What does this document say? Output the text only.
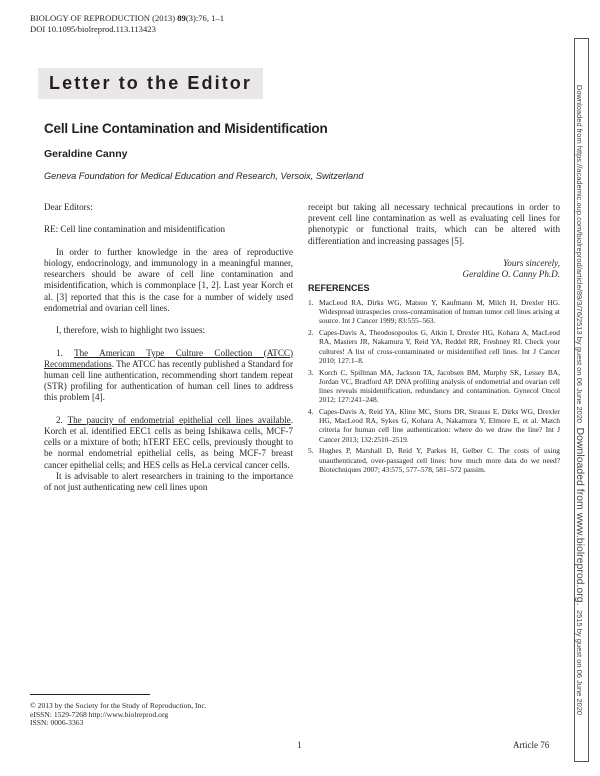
BIOLOGY OF REPRODUCTION (2013) 89(3):76, 1–1
DOI 10.1095/biolreprod.113.113423
Letter to the Editor
Cell Line Contamination and Misidentification
Geraldine Canny
Geneva Foundation for Medical Education and Research, Versoix, Switzerland

Dear Editors:

RE: Cell line contamination and misidentification

In order to further knowledge in the area of reproductive biology, endocrinology, and immunology in a meaningful manner, researchers should be aware of cell line contamination and misidentification, which is commonplace [1, 2]. Last year Korch et al. [3] reported that this is the case for a number of widely used endometrial and ovarian cell lines.

I, therefore, wish to highlight two issues:

1. The American Type Culture Collection (ATCC) Recommendations. The ATCC has recently published a Standard for human cell line authentication, recommending short tandem repeat (STR) profiling for authentication of human cell lines to address this problem [4].

2. The paucity of endometrial epithelial cell lines available. Korch et al. identified EEC1 cells as being Ishikawa cells, MCF-7 cells or a mixture of both; hTERT EEC cells, previously thought to be normal endometrial epithelial cells, as being MCF-7 breast cancer epithelial cells; and HES cells as HeLa cervical cancer cells.

It is advisable to alert researchers in training to the importance of not just authenticating new cell lines upon

receipt but taking all necessary technical precautions in order to prevent cell line contamination as well as evaluating cell lines for phenotypic or functional traits, which can be altered with differentiation and increasing passages [5].

Yours sincerely,

Geraldine O. Canny Ph.D.

REFERENCES
1. MacLeod RA, Dirks WG, Matsuo Y, Kaufmann M, Milch H, Drexler HG. Widespread intraspecies cross-contamination of human tumor cell lines arising at source. Int J Cancer 1999; 83:555–563.
2. Capes-Davis A, Theodosopoulos G, Atkin I, Drexler HG, Kohara A, MacLeod RA, Masters JR, Nakamura Y, Reid YA, Reddel RR, Freshney RI. Check your cultures! A list of cross-contaminated or misidentified cell lines. Int J Cancer 2010; 127:1–8.
3. Korch C, Spillman MA, Jackson TA, Jacobsen BM, Murphy SK, Lessey BA, Jordan VC, Bradford AP. DNA profiling analysis of endometrial and ovarian cell lines reveals misidentification, redundancy and contamination. Gynecol Oncol 2012; 127:241–248.
4. Capes-Davis A, Reid YA, Kline MC, Storts DR, Strauss E, Dirks WG, Drexler HG, MacLeod RA, Sykes G, Kohara A, Nakamura Y, Elmore E, et al. Match criteria for human cell line authentication: where do we draw the line? Int J Cancer 2013; 132:2510–2519.
5. Hughes P, Marshall D, Reid Y, Parkes H, Gelber C. The costs of using unauthenticated, over-passaged cell lines: how much more data do we need? Biotechniques 2007; 43:575, 577–578, 581–572 passim.
© 2013 by the Society for the Study of Reproduction, Inc.
eISSN: 1529-7268 http://www.biolreprod.org
ISSN: 0006-3363
1	Article 76
Downloaded from https://academic.oup.com/biolreprod/article/89/3/76/2513 by guest on 06 June 2020 Downloaded from www.biolreprod.org. 2515 by guest on 06 June 2020
